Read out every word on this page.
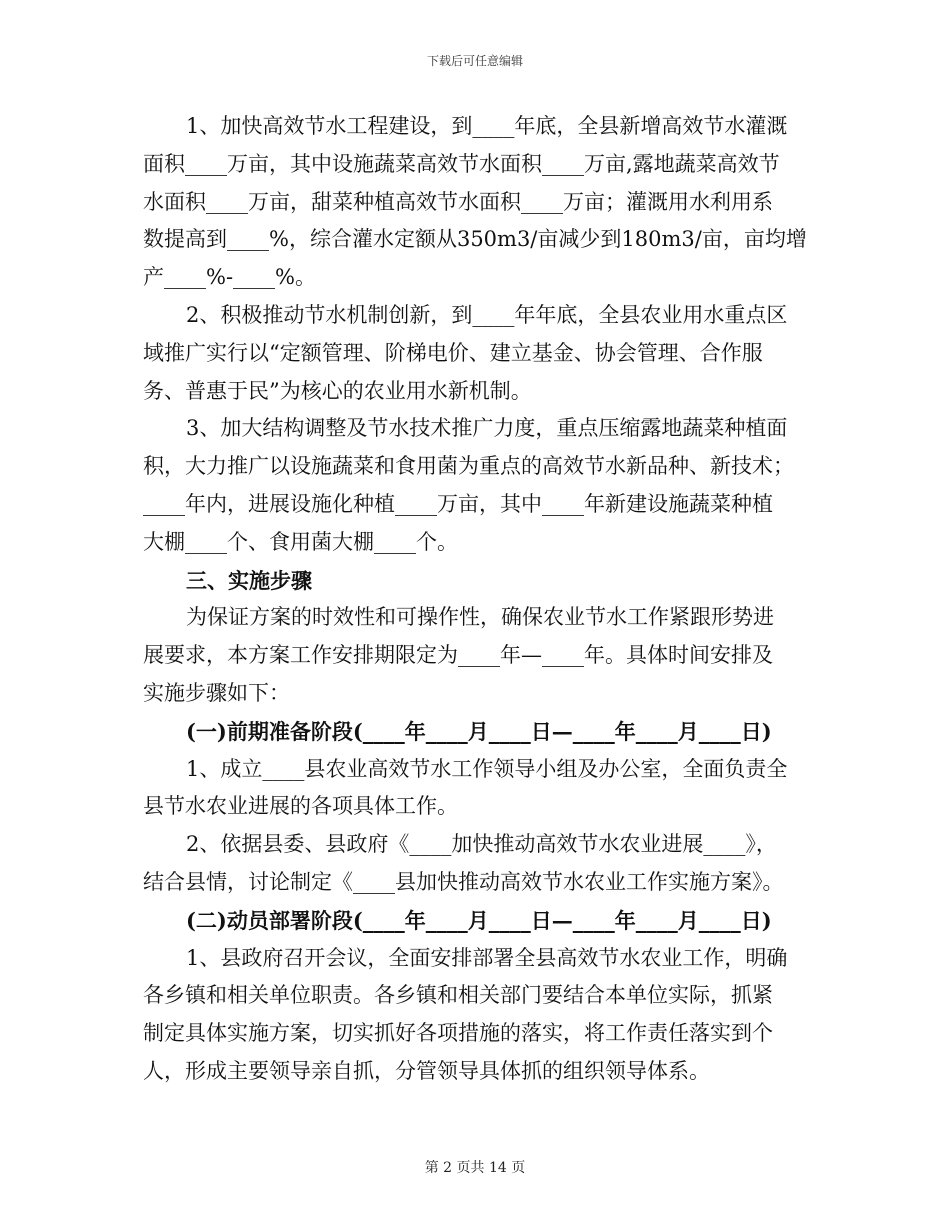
下载后可任意编辑
1、加快高效节水工程建设，到____年底，全县新增高效节水灌溉
面积____万亩，其中设施蔬菜高效节水面积____万亩,露地蔬菜高效节
水面积____万亩，甜菜种植高效节水面积____万亩；灌溉用水利用系
数提高到____%，综合灌水定额从350m3/亩减少到180m3/亩，亩均增
产____%-____%。
2、积极推动节水机制创新，到____年年底，全县农业用水重点区
域推广实行以“定额管理、阶梯电价、建立基金、协会管理、合作服
务、普惠于民”为核心的农业用水新机制。
3、加大结构调整及节水技术推广力度，重点压缩露地蔬菜种植面
积，大力推广以设施蔬菜和食用菌为重点的高效节水新品种、新技术；
____年内，进展设施化种植____万亩，其中____年新建设施蔬菜种植
大棚____个、食用菌大棚____个。
三、实施步骤
为保证方案的时效性和可操作性，确保农业节水工作紧跟形势进
展要求，本方案工作安排期限定为____年—____年。具体时间安排及
实施步骤如下：
(一)前期准备阶段(____年____月____日—____年____月____日)
1、成立____县农业高效节水工作领导小组及办公室，全面负责全
县节水农业进展的各项具体工作。
2、依据县委、县政府《____加快推动高效节水农业进展____》，
结合县情，讨论制定《____县加快推动高效节水农业工作实施方案》。
(二)动员部署阶段(____年____月____日—____年____月____日)
1、县政府召开会议，全面安排部署全县高效节水农业工作，明确
各乡镇和相关单位职责。各乡镇和相关部门要结合本单位实际，抓紧
制定具体实施方案，切实抓好各项措施的落实，将工作责任落实到个
人，形成主要领导亲自抓，分管领导具体抓的组织领导体系。
第 2 页共 14 页
